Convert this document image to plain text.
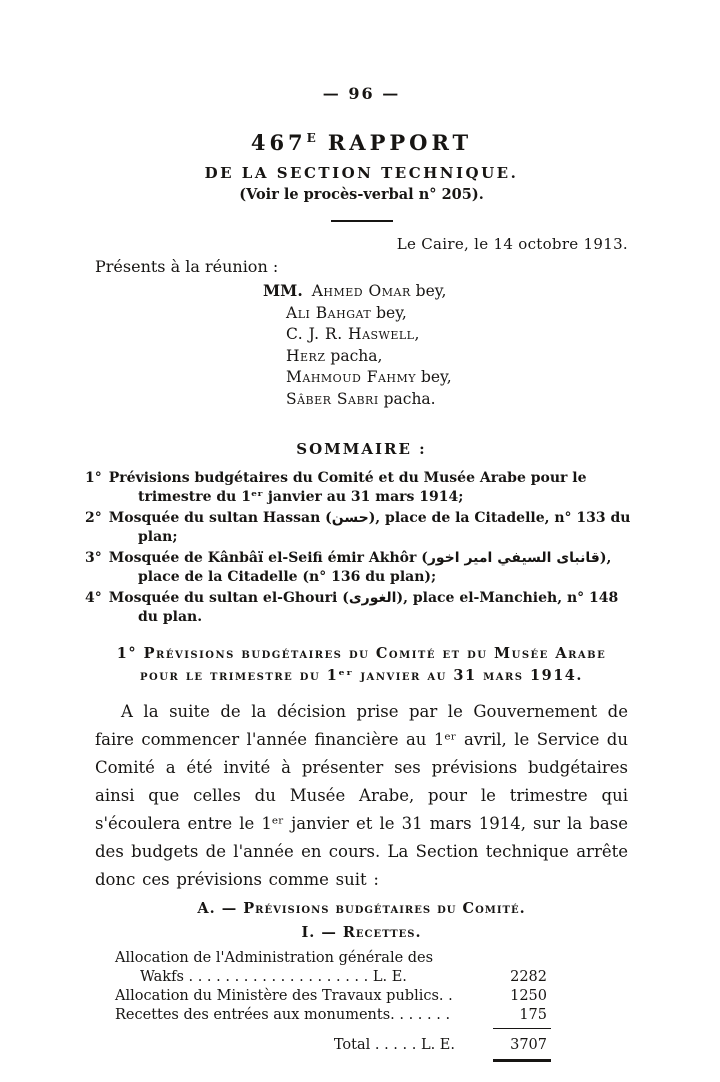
— 96 —
$467^E$ RAPPORT
DE LA SECTION TECHNIQUE.
(Voir le procès-verbal n° 205).
Le Caire, le 14 octobre 1913.
Présents à la réunion :
MM. Ahmed Omar bey,
Ali Bahgat bey,
C. J. R. Haswell,
Herz pacha,
Mahmoud Fahmy bey,
Sâber Sabri pacha.
SOMMAIRE :
1° Prévisions budgétaires du Comité et du Musée Arabe pour le trimestre du 1ᵉʳ janvier au 31 mars 1914;
2° Mosquée du sultan Hassan (حسن), place de la Citadelle, n° 133 du plan;
3° Mosquée de Kânbâï el-Seifi émir Akhôr (قانباى السيفي امير اخور), place de la Citadelle (n° 136 du plan);
4° Mosquée du sultan el-Ghouri (الغورى), place el-Manchieh, n° 148 du plan.
1° Prévisions budgétaires du Comité et du Musée Arabe
pour le trimestre du 1ᵉʳ janvier au 31 mars 1914.
A la suite de la décision prise par le Gouvernement de faire commencer l'année financière au 1ᵉʳ avril, le Service du Comité a été invité à présenter ses prévisions budgétaires ainsi que celles du Musée Arabe, pour le trimestre qui s'écoulera entre le 1ᵉʳ janvier et le 31 mars 1914, sur la base des budgets de l'année en cours. La Section technique arrête donc ces prévisions comme suit :
A. — Prévisions budgétaires du Comité.
I. — Recettes.
Allocation de l'Administration générale des
Wakfs . . . . . . . . . . . . . . . . . . . . L. E.	2282
Allocation du Ministère des Travaux publics. .	1250
Recettes des entrées aux monuments. . . . . . .	175
Total . . . . . L. E.	3707
